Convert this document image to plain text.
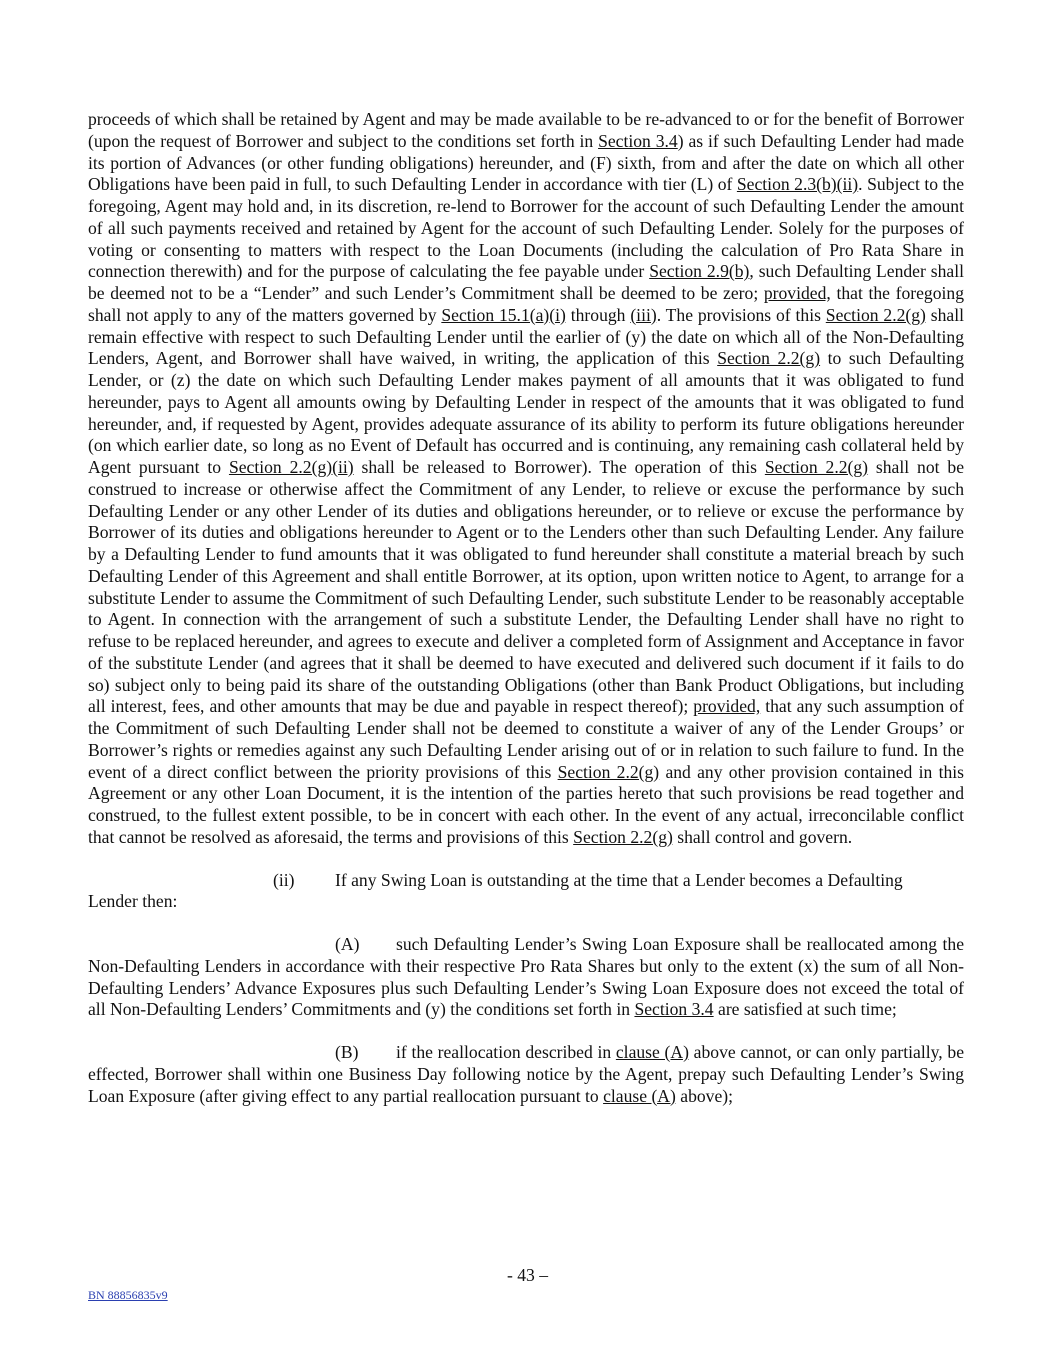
proceeds of which shall be retained by Agent and may be made available to be re-advanced to or for the benefit of Borrower (upon the request of Borrower and subject to the conditions set forth in Section 3.4) as if such Defaulting Lender had made its portion of Advances (or other funding obligations) hereunder, and (F) sixth, from and after the date on which all other Obligations have been paid in full, to such Defaulting Lender in accordance with tier (L) of Section 2.3(b)(ii). Subject to the foregoing, Agent may hold and, in its discretion, re-lend to Borrower for the account of such Defaulting Lender the amount of all such payments received and retained by Agent for the account of such Defaulting Lender. Solely for the purposes of voting or consenting to matters with respect to the Loan Documents (including the calculation of Pro Rata Share in connection therewith) and for the purpose of calculating the fee payable under Section 2.9(b), such Defaulting Lender shall be deemed not to be a “Lender” and such Lender’s Commitment shall be deemed to be zero; provided, that the foregoing shall not apply to any of the matters governed by Section 15.1(a)(i) through (iii). The provisions of this Section 2.2(g) shall remain effective with respect to such Defaulting Lender until the earlier of (y) the date on which all of the Non-Defaulting Lenders, Agent, and Borrower shall have waived, in writing, the application of this Section 2.2(g) to such Defaulting Lender, or (z) the date on which such Defaulting Lender makes payment of all amounts that it was obligated to fund hereunder, pays to Agent all amounts owing by Defaulting Lender in respect of the amounts that it was obligated to fund hereunder, and, if requested by Agent, provides adequate assurance of its ability to perform its future obligations hereunder (on which earlier date, so long as no Event of Default has occurred and is continuing, any remaining cash collateral held by Agent pursuant to Section 2.2(g)(ii) shall be released to Borrower). The operation of this Section 2.2(g) shall not be construed to increase or otherwise affect the Commitment of any Lender, to relieve or excuse the performance by such Defaulting Lender or any other Lender of its duties and obligations hereunder, or to relieve or excuse the performance by Borrower of its duties and obligations hereunder to Agent or to the Lenders other than such Defaulting Lender. Any failure by a Defaulting Lender to fund amounts that it was obligated to fund hereunder shall constitute a material breach by such Defaulting Lender of this Agreement and shall entitle Borrower, at its option, upon written notice to Agent, to arrange for a substitute Lender to assume the Commitment of such Defaulting Lender, such substitute Lender to be reasonably acceptable to Agent. In connection with the arrangement of such a substitute Lender, the Defaulting Lender shall have no right to refuse to be replaced hereunder, and agrees to execute and deliver a completed form of Assignment and Acceptance in favor of the substitute Lender (and agrees that it shall be deemed to have executed and delivered such document if it fails to do so) subject only to being paid its share of the outstanding Obligations (other than Bank Product Obligations, but including all interest, fees, and other amounts that may be due and payable in respect thereof); provided, that any such assumption of the Commitment of such Defaulting Lender shall not be deemed to constitute a waiver of any of the Lender Groups’ or Borrower’s rights or remedies against any such Defaulting Lender arising out of or in relation to such failure to fund. In the event of a direct conflict between the priority provisions of this Section 2.2(g) and any other provision contained in this Agreement or any other Loan Document, it is the intention of the parties hereto that such provisions be read together and construed, to the fullest extent possible, to be in concert with each other. In the event of any actual, irreconcilable conflict that cannot be resolved as aforesaid, the terms and provisions of this Section 2.2(g) shall control and govern.

(ii) If any Swing Loan is outstanding at the time that a Lender becomes a Defaulting

Lender then:

(A) such Defaulting Lender’s Swing Loan Exposure shall be reallocated among the Non-Defaulting Lenders in accordance with their respective Pro Rata Shares but only to the extent (x) the sum of all Non-Defaulting Lenders’ Advance Exposures plus such Defaulting Lender’s Swing Loan Exposure does not exceed the total of all Non-Defaulting Lenders’ Commitments and (y) the conditions set forth in Section 3.4 are satisfied at such time;

(B) if the reallocation described in clause (A) above cannot, or can only partially, be effected, Borrower shall within one Business Day following notice by the Agent, prepay such Defaulting Lender’s Swing Loan Exposure (after giving effect to any partial reallocation pursuant to clause (A) above);

- 43 –
BN 88856835v9
